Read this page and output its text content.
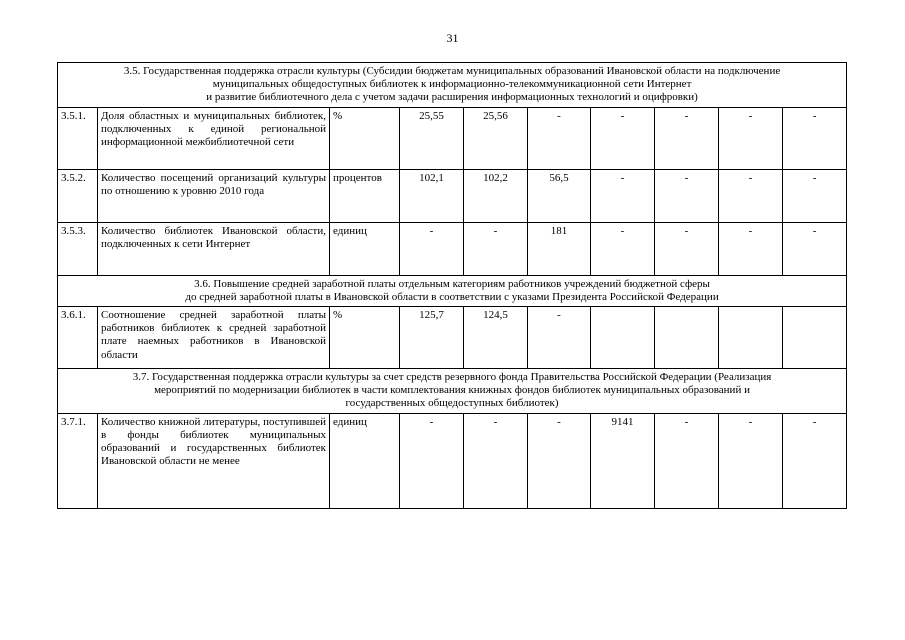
31
3.5. Государственная поддержка отрасли культуры (Субсидии бюджетам муниципальных образований Ивановской области на подключение
муниципальных общедоступных библиотек к информационно-телекоммуникационной сети Интернет
и развитие библиотечного дела с учетом задачи расширения информационных технологий и оцифровки)									

3.5.1.	Доля областных и муниципальных библиотек, подключенных к единой региональной информационной межбиблиотечной сети	%	25,55	25,56	-	-	-	-	-
3.5.2.	Количество посещений организаций культуры по отношению к уровню 2010 года	процентов	102,1	102,2	56,5	-	-	-	-
3.5.3.	Количество библиотек Ивановской области, подключенных к сети Интернет	единиц	-	-	181	-	-	-	-

3.6. Повышение средней заработной платы отдельным категориям работников учреждений бюджетной сферы
до средней заработной платы в Ивановской области в соответствии с указами Президента Российской Федерации									

3.6.1.	Соотношение средней заработной платы работников библиотек к средней заработной плате наемных работников в Ивановской области	%	125,7	124,5	-				

3.7. Государственная поддержка отрасли культуры за счет средств резервного фонда Правительства Российской Федерации (Реализация
мероприятий по модернизации библиотек в части комплектования книжных фондов библиотек муниципальных образований и
государственных общедоступных библиотек)									

3.7.1.	Количество книжной литературы, поступившей в фонды библиотек муниципальных образований и государственных библиотек Ивановской области не менее	единиц	-	-	-	9141	-	-	-
